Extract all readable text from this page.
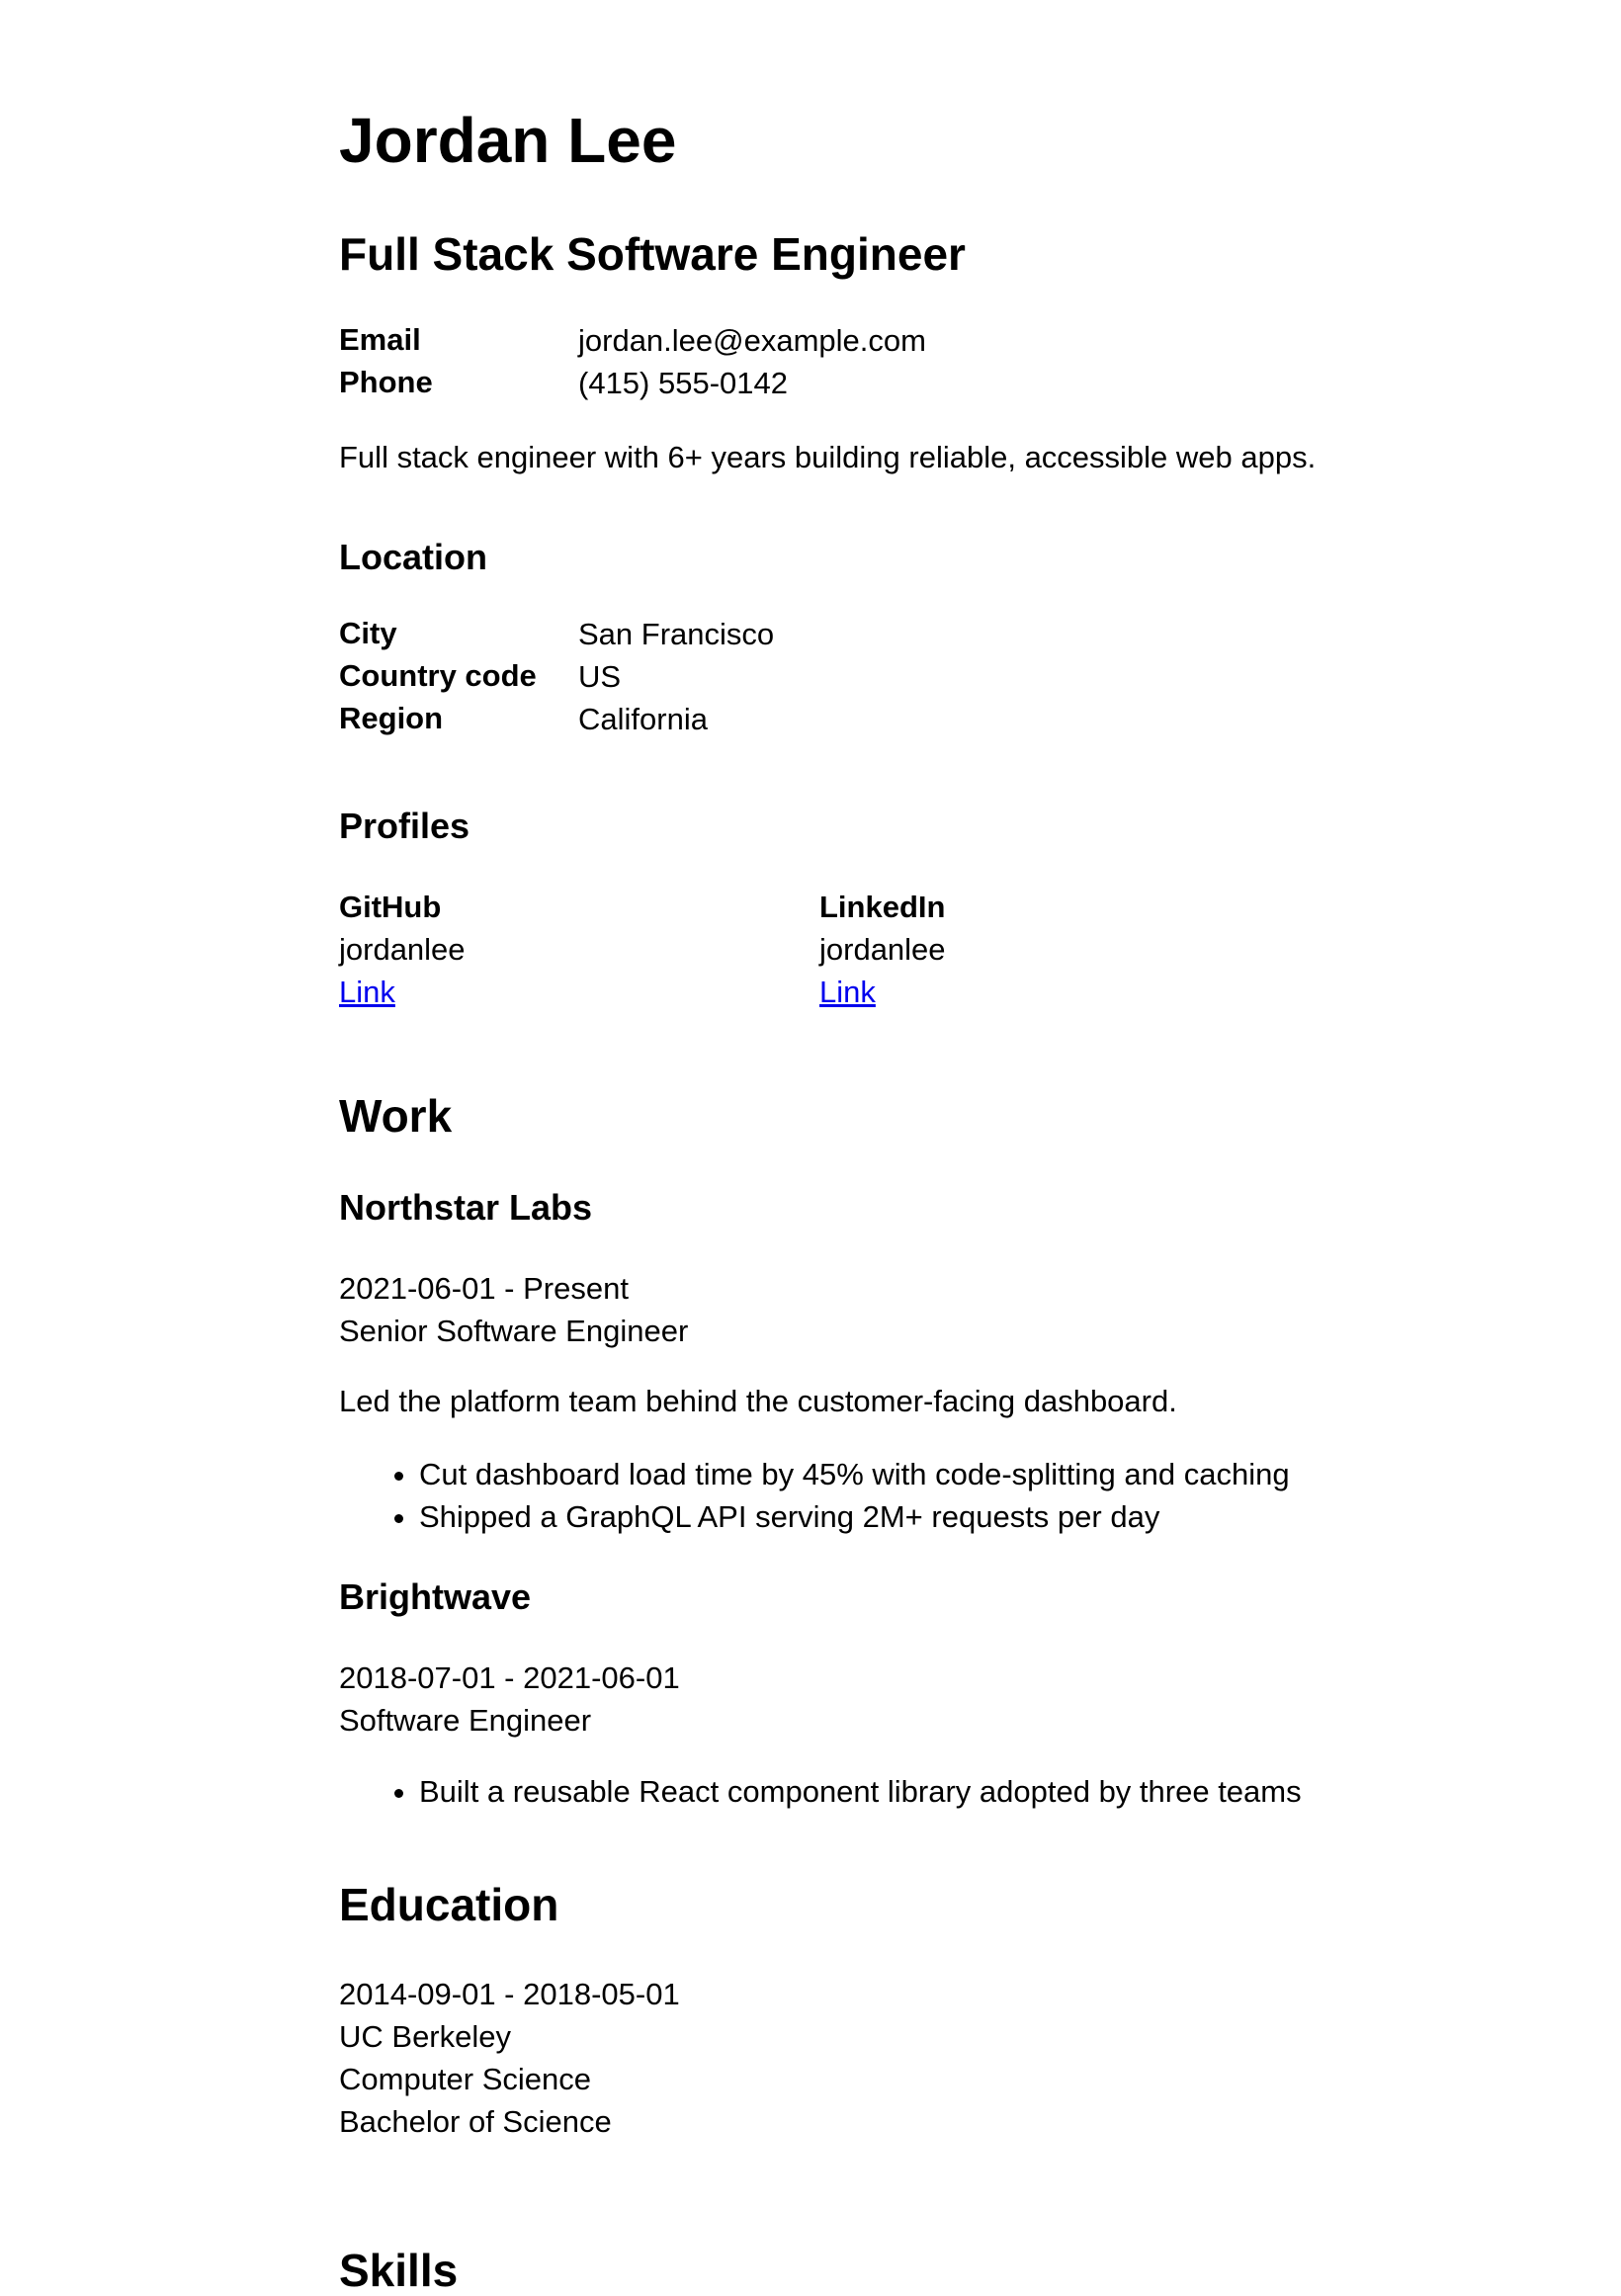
Jordan Lee
Full Stack Software Engineer
Email	jordan.lee@example.com
Phone	(415) 555-0142
Full stack engineer with 6+ years building reliable, accessible web apps.
Location
City	San Francisco
Country code	US
Region	California
Profiles
GitHub
jordanlee
Link
LinkedIn
jordanlee
Link
Work
Northstar Labs
2021-06-01 - Present
Senior Software Engineer
Led the platform team behind the customer-facing dashboard.
• Cut dashboard load time by 45% with code-splitting and caching
• Shipped a GraphQL API serving 2M+ requests per day
Brightwave
2018-07-01 - 2021-06-01
Software Engineer
• Built a reusable React component library adopted by three teams
Education
2014-09-01 - 2018-05-01
UC Berkeley
Computer Science
Bachelor of Science
Skills
